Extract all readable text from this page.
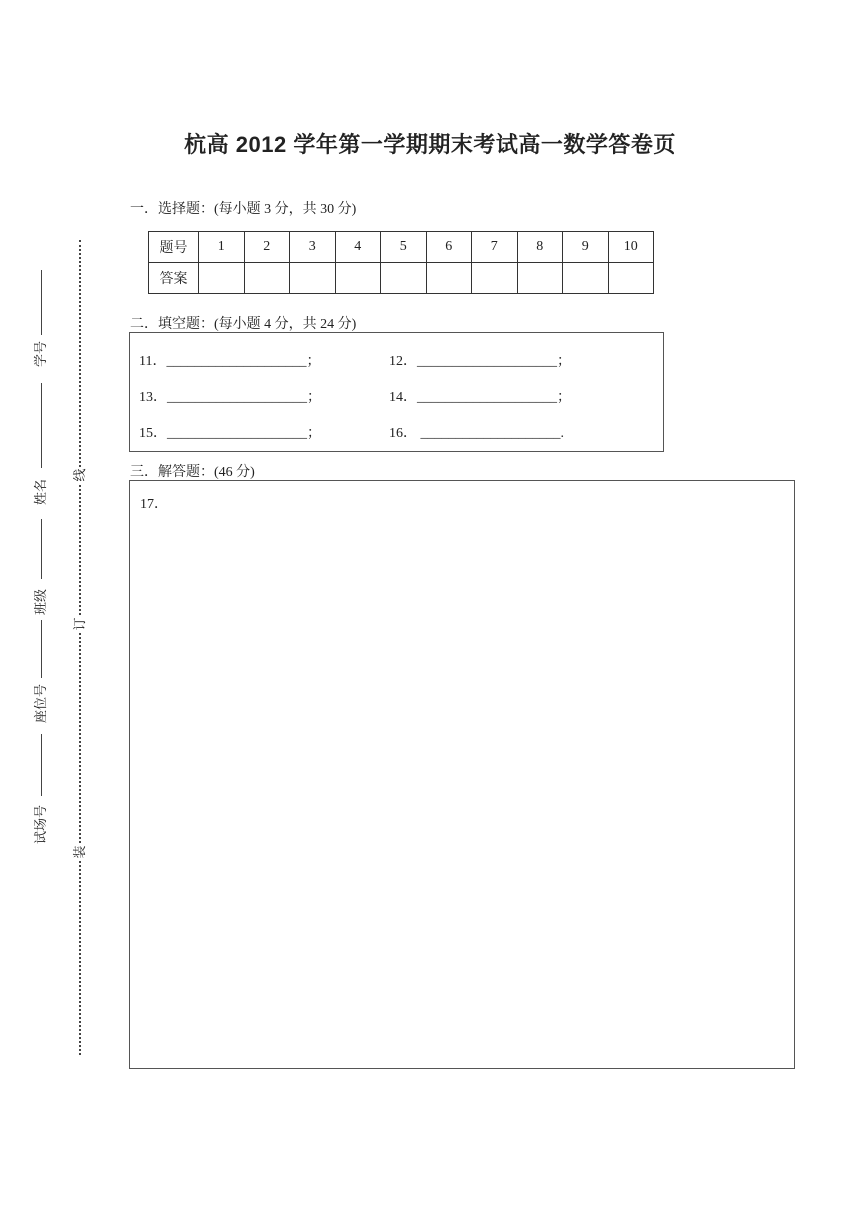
杭高 2012 学年第一学期期末考试高一数学答卷页
一．选择题：(每小题 3 分，共 30 分)
题号	1	2	3	4	5	6	7	8	9	10
答案										
二．填空题：(每小题 4 分，共 24 分)
11．____________________；	12．____________________；
13．____________________；	14．____________________；
15．____________________；	16． ____________________.
三．解答题：(46 分)
17．
线
订
装
学号
姓名
班级
座位号
试场号
